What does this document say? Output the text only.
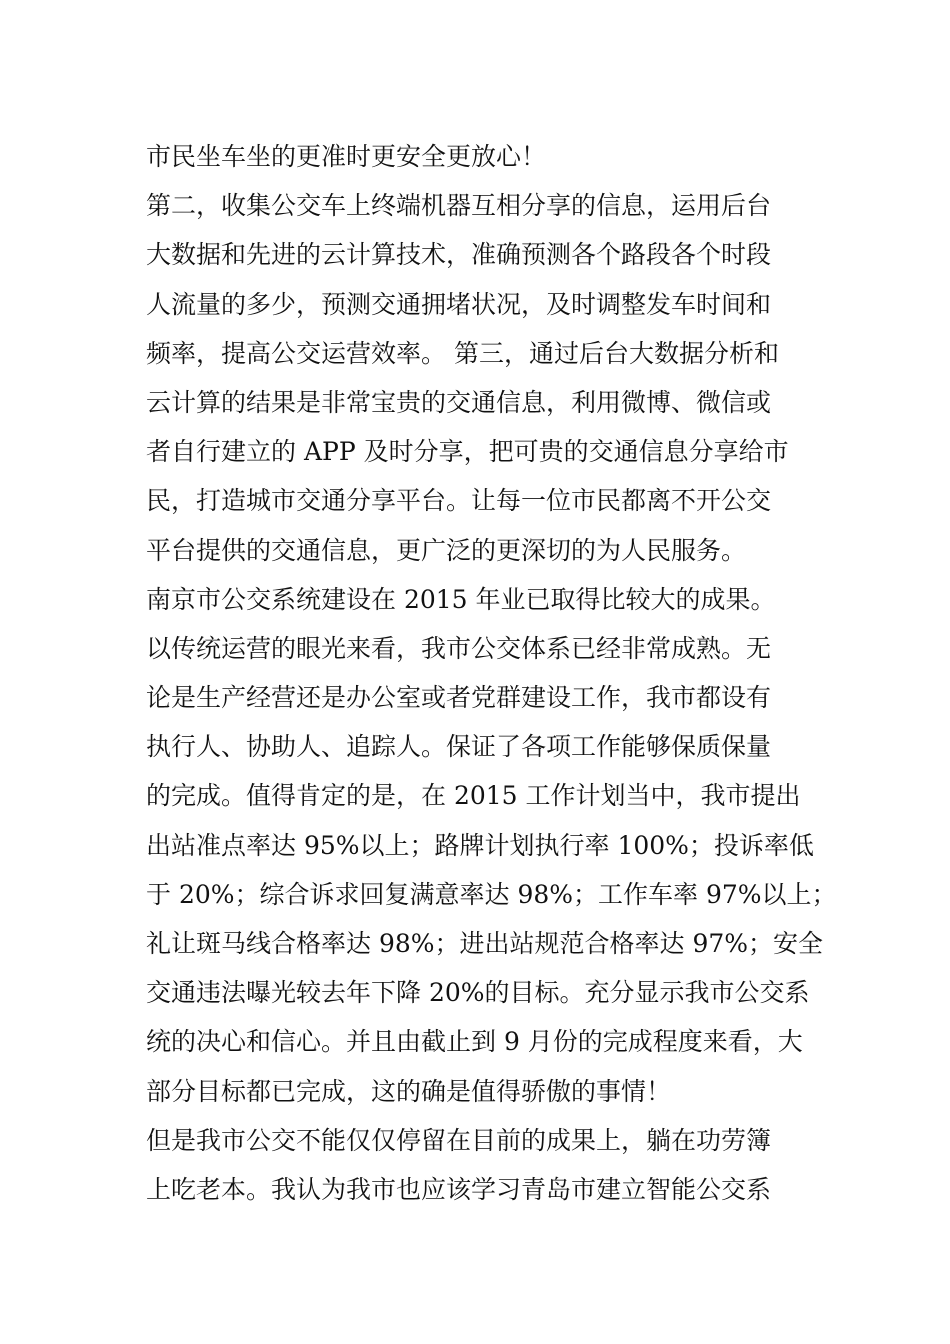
市民坐车坐的更准时更安全更放心！
第二，收集公交车上终端机器互相分享的信息，运用后台
大数据和先进的云计算技术，准确预测各个路段各个时段
人流量的多少，预测交通拥堵状况，及时调整发车时间和
频率，提高公交运营效率。 第三，通过后台大数据分析和
云计算的结果是非常宝贵的交通信息，利用微博、微信或
者自行建立的 APP 及时分享，把可贵的交通信息分享给市
民，打造城市交通分享平台。让每一位市民都离不开公交
平台提供的交通信息，更广泛的更深切的为人民服务。
南京市公交系统建设在 2015 年业已取得比较大的成果。
以传统运营的眼光来看，我市公交体系已经非常成熟。无
论是生产经营还是办公室或者党群建设工作，我市都设有
执行人、协助人、追踪人。保证了各项工作能够保质保量
的完成。值得肯定的是，在 2015 工作计划当中，我市提出
出站准点率达 95%以上；路牌计划执行率 100%；投诉率低
于 20%；综合诉求回复满意率达 98%；工作车率 97%以上；
礼让斑马线合格率达 98%；进出站规范合格率达 97%；安全
交通违法曝光较去年下降 20%的目标。充分显示我市公交系
统的决心和信心。并且由截止到 9 月份的完成程度来看，大
部分目标都已完成，这的确是值得骄傲的事情！
但是我市公交不能仅仅停留在目前的成果上，躺在功劳簿
上吃老本。我认为我市也应该学习青岛市建立智能公交系
